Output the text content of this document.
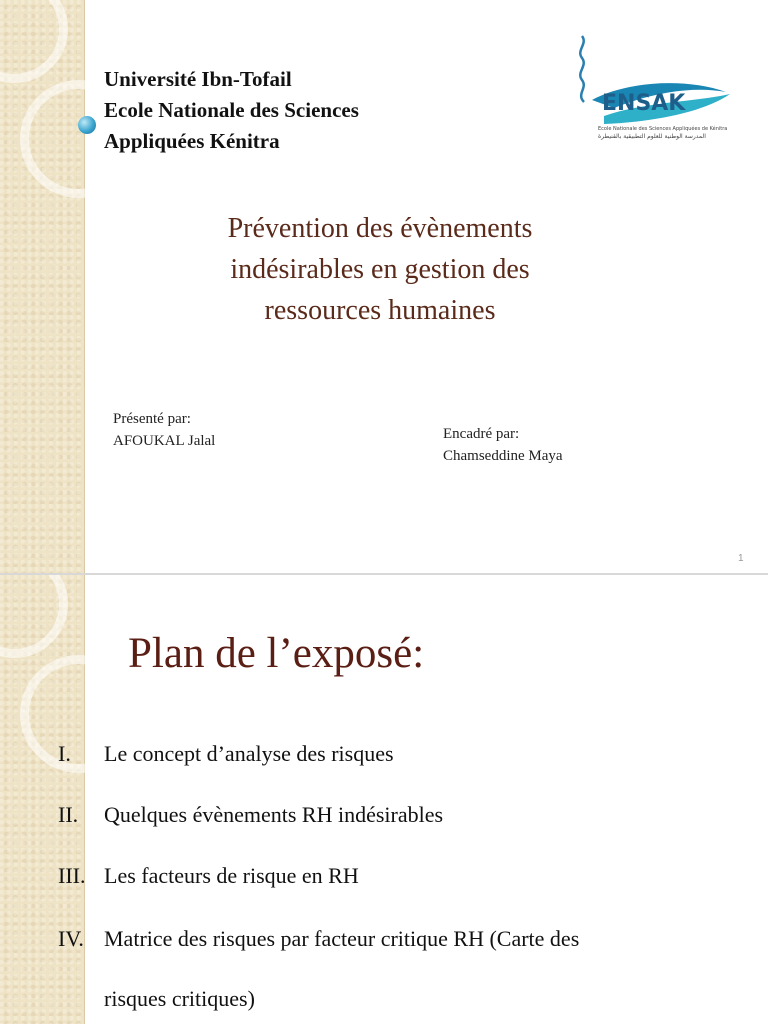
Université Ibn-Tofail
Ecole Nationale des Sciences
Appliquées Kénitra
ENSAK
Ecole Nationale des Sciences Appliquées de Kénitra
المدرسة الوطنية للعلوم التطبيقية بالقنيطرة
Prévention des évènements
indésirables en gestion des
ressources humaines
Présenté par:
AFOUKAL Jalal	Encadré par:
Chamseddine Maya
1
Plan de l’exposé:
I. Le concept d’analyse des risques
II. Quelques évènements RH indésirables
III. Les facteurs de risque en RH
IV. Matrice des risques par facteur critique RH (Carte des
risques critiques)
